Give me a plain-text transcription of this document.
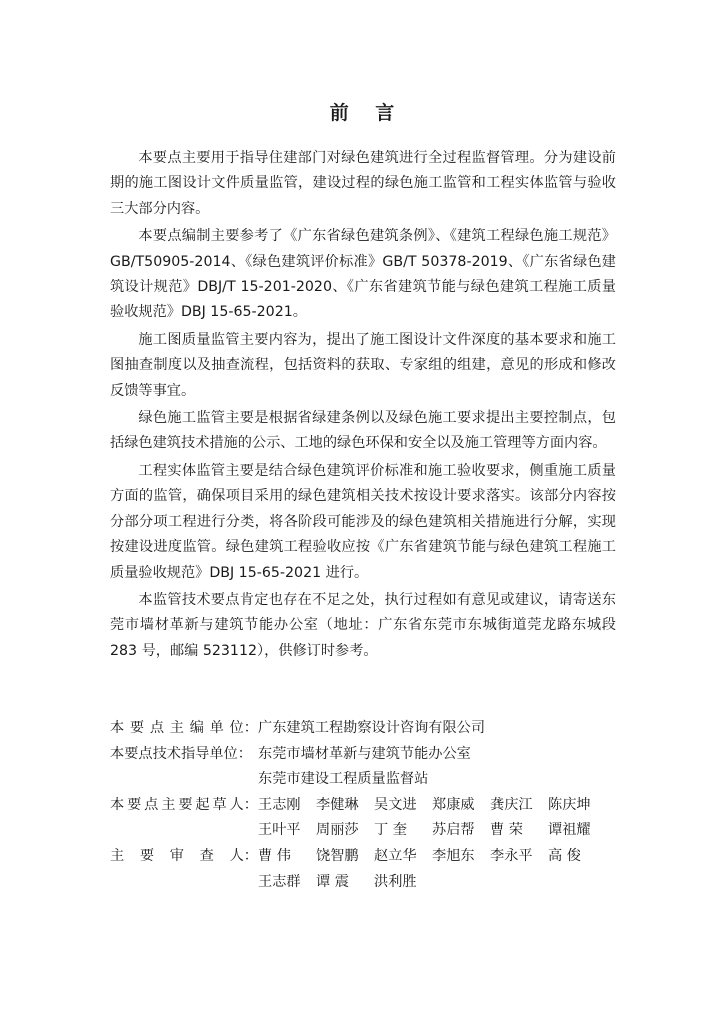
前 言

本要点主要用于指导住建部门对绿色建筑进行全过程监督管理。分为建设前期的施工图设计文件质量监管，建设过程的绿色施工监管和工程实体监管与验收三大部分内容。

本要点编制主要参考了《广东省绿色建筑条例》、《建筑工程绿色施工规范》GB/T50905-2014、《绿色建筑评价标准》GB/T 50378-2019、《广东省绿色建筑设计规范》DBJ/T 15-201-2020、《广东省建筑节能与绿色建筑工程施工质量验收规范》DBJ 15-65-2021。

施工图质量监管主要内容为，提出了施工图设计文件深度的基本要求和施工图抽查制度以及抽查流程，包括资料的获取、专家组的组建，意见的形成和修改反馈等事宜。

绿色施工监管主要是根据省绿建条例以及绿色施工要求提出主要控制点，包括绿色建筑技术措施的公示、工地的绿色环保和安全以及施工管理等方面内容。

工程实体监管主要是结合绿色建筑评价标准和施工验收要求，侧重施工质量方面的监管，确保项目采用的绿色建筑相关技术按设计要求落实。该部分内容按分部分项工程进行分类，将各阶段可能涉及的绿色建筑相关措施进行分解，实现按建设进度监管。绿色建筑工程验收应按《广东省建筑节能与绿色建筑工程施工质量验收规范》DBJ 15-65-2021 进行。

本监管技术要点肯定也存在不足之处，执行过程如有意见或建议，请寄送东莞市墙材革新与建筑节能办公室（地址：广东省东莞市东城街道莞龙路东城段283 号，邮编 523112），供修订时参考。

本 要 点 主 编 单 位： 广东建筑工程勘察设计咨询有限公司
本要点技术指导单位： 东莞市墙材革新与建筑节能办公室
东莞市建设工程质量监督站
本 要 点 主 要 起 草 人： 王志刚	李健琳	吴文进	郑康威	龚庆江	陈庆坤
王叶平	周丽莎	丁 奎	苏启帮	曹 荣	谭祖耀
主 要 审 查 人： 曹 伟	饶智鹏	赵立华	李旭东	李永平	高 俊
王志群	谭 震	洪利胜
